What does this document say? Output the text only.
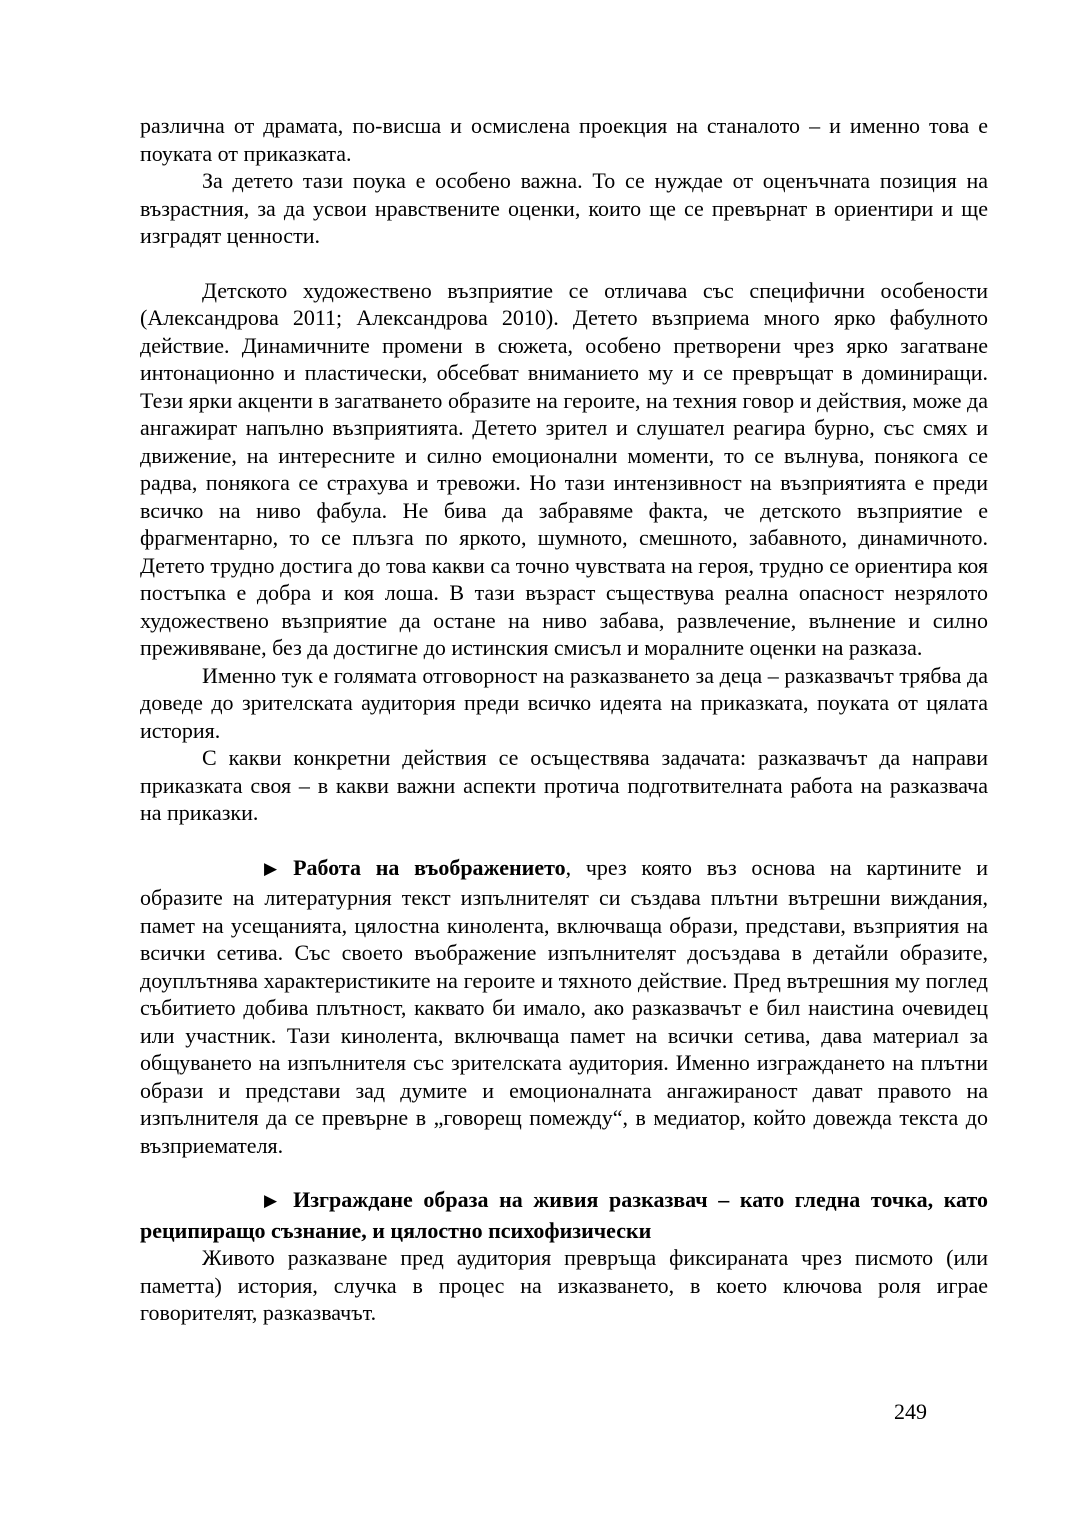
различна от драмата, по-висша и осмислена проекция на станалото – и именно това е поуката от приказката.

За детето тази поука е особено важна. То се нуждае от оценъчната позиция на възрастния, за да усвои нравствените оценки, които ще се превърнат в ориентири и ще изградят ценности.

Детското художествено възприятие се отличава със специфични особености (Александрова 2011; Александрова 2010). Детето възприема много ярко фабулното действие. Динамичните промени в сюжета, особено претворени чрез ярко загатване интонационно и пластически, обсебват вниманието му и се превръщат в доминиращи. Тези ярки акценти в загатването образите на героите, на техния говор и действия, може да ангажират напълно възприятията. Детето зрител и слушател реагира бурно, със смях и движение, на интересните и силно емоционални моменти, то се вълнува, понякога се радва, понякога се страхува и тревожи. Но тази интензивност на възприятията е преди всичко на ниво фабула. Не бива да забравяме факта, че детското възприятие е фрагментарно, то се плъзга по яркото, шумното, смешното, забавното, динамичното. Детето трудно достига до това какви са точно чувствата на героя, трудно се ориентира коя постъпка е добра и коя лоша. В тази възраст съществува реална опасност незрялото художествено възприятие да остане на ниво забава, развлечение, вълнение и силно преживяване, без да достигне до истинския смисъл и моралните оценки на разказа.

Именно тук е голямата отговорност на разказването за деца – разказвачът трябва да доведе до зрителската аудитория преди всичко идеята на приказката, поуката от цялата история.

С какви конкретни действия се осъществява задачата: разказвачът да направи приказката своя – в какви важни аспекти протича подготвителната работа на разказвача на приказки.

▶ Работа на въображението, чрез която въз основа на картините и образите на литературния текст изпълнителят си създава плътни вътрешни виждания, памет на усещанията, цялостна кинолента, включваща образи, представи, възприятия на всички сетива. Със своето въображение изпълнителят досъздава в детайли образите, доуплътнява характеристиките на героите и тяхното действие. Пред вътрешния му поглед събитието добива плътност, каквато би имало, ако разказвачът е бил наистина очевидец или участник. Тази кинолента, включваща памет на всички сетива, дава материал за общуването на изпълнителя със зрителската аудитория. Именно изграждането на плътни образи и представи зад думите и емоционалната ангажираност дават правото на изпълнителя да се превърне в „говорещ помежду“, в медиатор, който довежда текста до възприемателя.

▶ Изграждане образа на живия разказвач – като гледна точка, като реципиращо съзнание, и цялостно психофизически

Живото разказване пред аудитория превръща фиксираната чрез писмото (или паметта) история, случка в процес на изказването, в което ключова роля играе говорителят, разказвачът.

249
